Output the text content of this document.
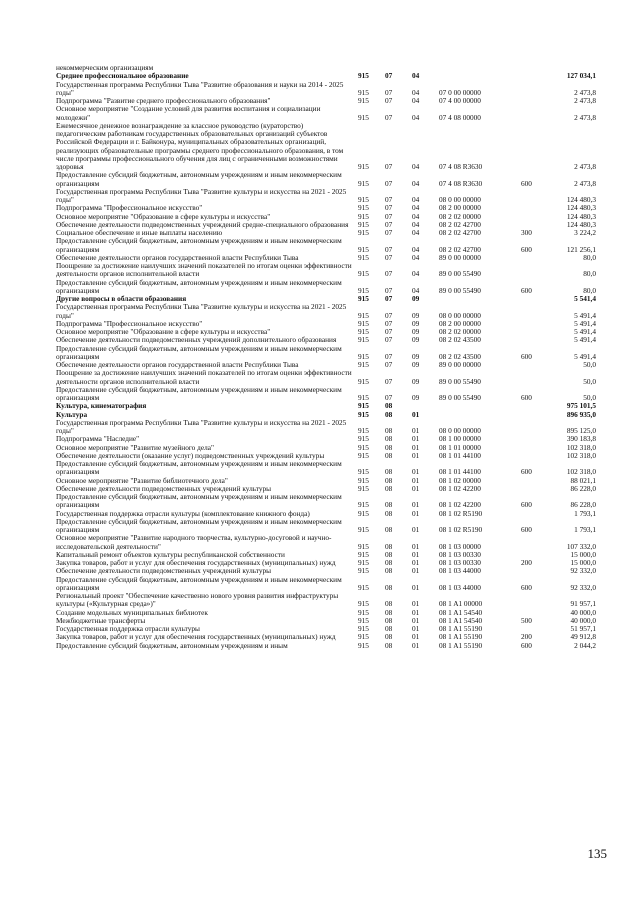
некоммерческим организациям
Среднее профессиональное образование	915	07	04	127 034,1
Государственная программа Республики Тыва "Развитие образования и науки на 2014 - 2025 годы"	915	07	04	07 0 00 00000	2 473,8
Подпрограмма "Развитие среднего профессионального образования"	915	07	04	07 4 00 00000	2 473,8
Основное мероприятие "Создание условий для развития воспитания и социализации молодежи"	915	07	04	07 4 08 00000	2 473,8
Ежемесячное денежное вознаграждение за классное руководство (кураторство) педагогическим работникам государственных образовательных организаций субъектов Российской Федерации и г. Байконура, муниципальных образовательных организаций, реализующих образовательные программы среднего профессионального образования, в том числе программы профессионального обучения для лиц с ограниченными возможностями здоровья	915	07	04	07 4 08 R3630	2 473,8
Предоставление субсидий бюджетным, автономным учреждениям и иным некоммерческим организациям	915	07	04	07 4 08 R3630	600	2 473,8
Государственная программа Республики Тыва "Развитие культуры и искусства на 2021 - 2025 годы"	915	07	04	08 0 00 00000	124 480,3
Подпрограмма "Профессиональное искусство"	915	07	04	08 2 00 00000	124 480,3
Основное мероприятие "Образование в сфере культуры и искусства"	915	07	04	08 2 02 00000	124 480,3
Обеспечение деятельности подведомственных учреждений средне-специального образования	915	07	04	08 2 02 42700	124 480,3
Социальное обеспечение и иные выплаты населению	915	07	04	08 2 02 42700	300	3 224,2
Предоставление субсидий бюджетным, автономным учреждениям и иным некоммерческим организациям	915	07	04	08 2 02 42700	600	121 256,1
Обеспечение деятельности органов государственной власти Республики Тыва	915	07	04	89 0 00 00000	80,0
Поощрение за достижение наилучших значений показателей по итогам оценки эффективности деятельности органов исполнительной власти	915	07	04	89 0 00 55490	80,0
Предоставление субсидий бюджетным, автономным учреждениям и иным некоммерческим организациям	915	07	04	89 0 00 55490	600	80,0
Другие вопросы в области образования	915	07	09	5 541,4
Государственная программа Республики Тыва "Развитие культуры и искусства на 2021 - 2025 годы"	915	07	09	08 0 00 00000	5 491,4
Подпрограмма "Профессиональное искусство"	915	07	09	08 2 00 00000	5 491,4
Основное мероприятие "Образование в сфере культуры и искусства"	915	07	09	08 2 02 00000	5 491,4
Обеспечение деятельности подведомственных учреждений дополнительного образования	915	07	09	08 2 02 43500	5 491,4
Предоставление субсидий бюджетным, автономным учреждениям и иным некоммерческим организациям	915	07	09	08 2 02 43500	600	5 491,4
Обеспечение деятельности органов государственной власти Республики Тыва	915	07	09	89 0 00 00000	50,0
Поощрение за достижение наилучших значений показателей по итогам оценки эффективности деятельности органов исполнительной власти	915	07	09	89 0 00 55490	50,0
Предоставление субсидий бюджетным, автономным учреждениям и иным некоммерческим организациям	915	07	09	89 0 00 55490	600	50,0
Культура, кинематография	915	08	975 101,5
Культура	915	08	01	896 935,0
Государственная программа Республики Тыва "Развитие культуры и искусства на 2021 - 2025 годы"	915	08	01	08 0 00 00000	895 125,0
Подпрограмма "Наследие"	915	08	01	08 1 00 00000	390 183,8
Основное мероприятие "Развитие музейного дела"	915	08	01	08 1 01 00000	102 318,0
Обеспечение деятельности (оказание услуг) подведомственных учреждений культуры	915	08	01	08 1 01 44100	102 318,0
Предоставление субсидий бюджетным, автономным учреждениям и иным некоммерческим организациям	915	08	01	08 1 01 44100	600	102 318,0
Основное мероприятие "Развитие библиотечного дела"	915	08	01	08 1 02 00000	88 021,1
Обеспечение деятельности подведомственных учреждений культуры	915	08	01	08 1 02 42200	86 228,0
Предоставление субсидий бюджетным, автономным учреждениям и иным некоммерческим организациям	915	08	01	08 1 02 42200	600	86 228,0
Государственная поддержка отрасли культуры (комплектование книжного фонда)	915	08	01	08 1 02 R5190	1 793,1
Предоставление субсидий бюджетным, автономным учреждениям и иным некоммерческим организациям	915	08	01	08 1 02 R5190	600	1 793,1
Основное мероприятие "Развитие народного творчества, культурно-досуговой и научно-исследовательской деятельности"	915	08	01	08 1 03 00000	107 332,0
Капитальный ремонт объектов культуры республиканской собственности	915	08	01	08 1 03 00330	15 000,0
Закупка товаров, работ и услуг для обеспечения государственных (муниципальных) нужд	915	08	01	08 1 03 00330	200	15 000,0
Обеспечение деятельности подведомственных учреждений культуры	915	08	01	08 1 03 44000	92 332,0
Предоставление субсидий бюджетным, автономным учреждениям и иным некоммерческим организациям	915	08	01	08 1 03 44000	600	92 332,0
Региональный проект "Обеспечение качественно нового уровня развития инфраструктуры культуры («Культурная среда»)"	915	08	01	08 1 A1 00000	91 957,1
Создание модельных муниципальных библиотек	915	08	01	08 1 A1 54540	40 000,0
Межбюджетные трансферты	915	08	01	08 1 A1 54540	500	40 000,0
Государственная поддержка отрасли культуры	915	08	01	08 1 A1 55190	51 957,1
Закупка товаров, работ и услуг для обеспечения государственных (муниципальных) нужд	915	08	01	08 1 A1 55190	200	49 912,8
Предоставление субсидий бюджетным, автономным учреждениям и иным	915	08	01	08 1 A1 55190	600	2 044,2
135
